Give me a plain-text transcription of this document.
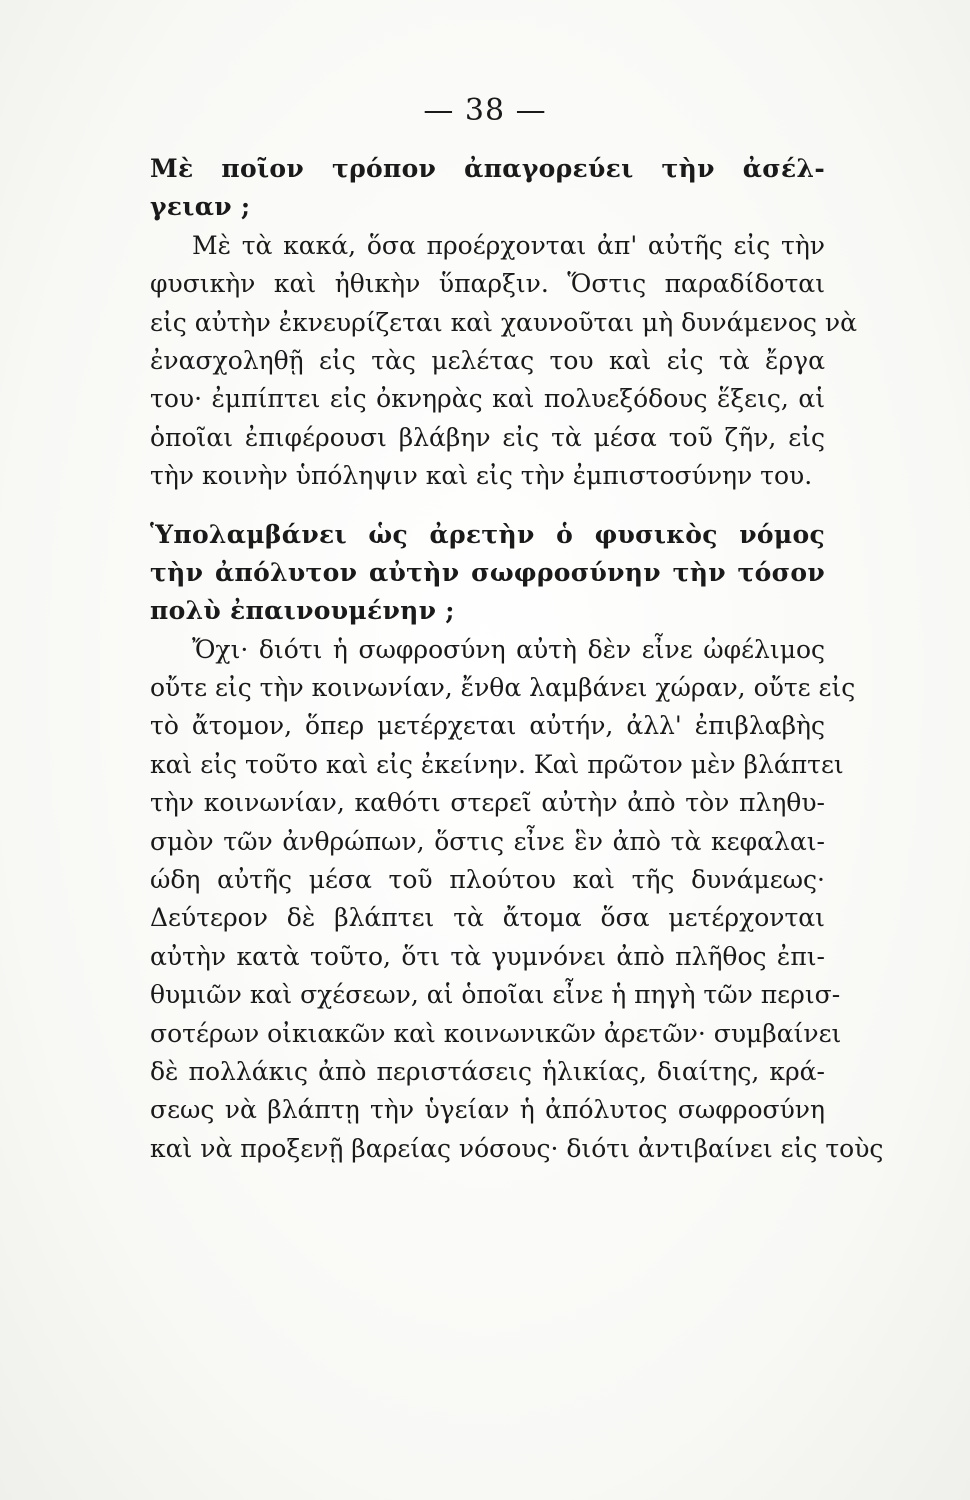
— 38 —
Μὲ ποῖον τρόπον ἀπαγορεύει τὴν ἀσέλ-
γειαν ;
Μὲ τὰ κακά, ὅσα προέρχονται ἀπ' αὐτῆς εἰς τὴν
φυσικὴν καὶ ἠθικὴν ὕπαρξιν. Ὅστις παραδίδοται
εἰς αὐτὴν ἐκνευρίζεται καὶ χαυνοῦται μὴ δυνάμενος νὰ
ἐνασχοληθῇ εἰς τὰς μελέτας του καὶ εἰς τὰ ἔργα
του· ἐμπίπτει εἰς ὀκνηρὰς καὶ πολυεξόδους ἕξεις, αἱ
ὁποῖαι ἐπιφέρουσι βλάβην εἰς τὰ μέσα τοῦ ζῆν, εἰς
τὴν κοινὴν ὑπόληψιν καὶ εἰς τὴν ἐμπιστοσύνην του.
Ὑπολαμβάνει ὡς ἀρετὴν ὁ φυσικὸς νόμος
τὴν ἀπόλυτον αὐτὴν σωφροσύνην τὴν τόσον
πολὺ ἐπαινουμένην ;
Ὄχι· διότι ἡ σωφροσύνη αὐτὴ δὲν εἶνε ὠφέλιμος
οὔτε εἰς τὴν κοινωνίαν, ἔνθα λαμβάνει χώραν, οὔτε εἰς
τὸ ἄτομον, ὅπερ μετέρχεται αὐτήν, ἀλλ' ἐπιβλαβὴς
καὶ εἰς τοῦτο καὶ εἰς ἐκείνην. Καὶ πρῶτον μὲν βλάπτει
τὴν κοινωνίαν, καθότι στερεῖ αὐτὴν ἀπὸ τὸν πληθυ-
σμὸν τῶν ἀνθρώπων, ὅστις εἶνε ἓν ἀπὸ τὰ κεφαλαι-
ώδη αὐτῆς μέσα τοῦ πλούτου καὶ τῆς δυνάμεως·
Δεύτερον δὲ βλάπτει τὰ ἄτομα ὅσα μετέρχονται
αὐτὴν κατὰ τοῦτο, ὅτι τὰ γυμνόνει ἀπὸ πλῆθος ἐπι-
θυμιῶν καὶ σχέσεων, αἱ ὁποῖαι εἶνε ἡ πηγὴ τῶν περισ-
σοτέρων οἰκιακῶν καὶ κοινωνικῶν ἀρετῶν· συμβαίνει
δὲ πολλάκις ἀπὸ περιστάσεις ἡλικίας, διαίτης, κρά-
σεως νὰ βλάπτῃ τὴν ὑγείαν ἡ ἀπόλυτος σωφροσύνη
καὶ νὰ προξενῇ βαρείας νόσους· διότι ἀντιβαίνει εἰς τοὺς
